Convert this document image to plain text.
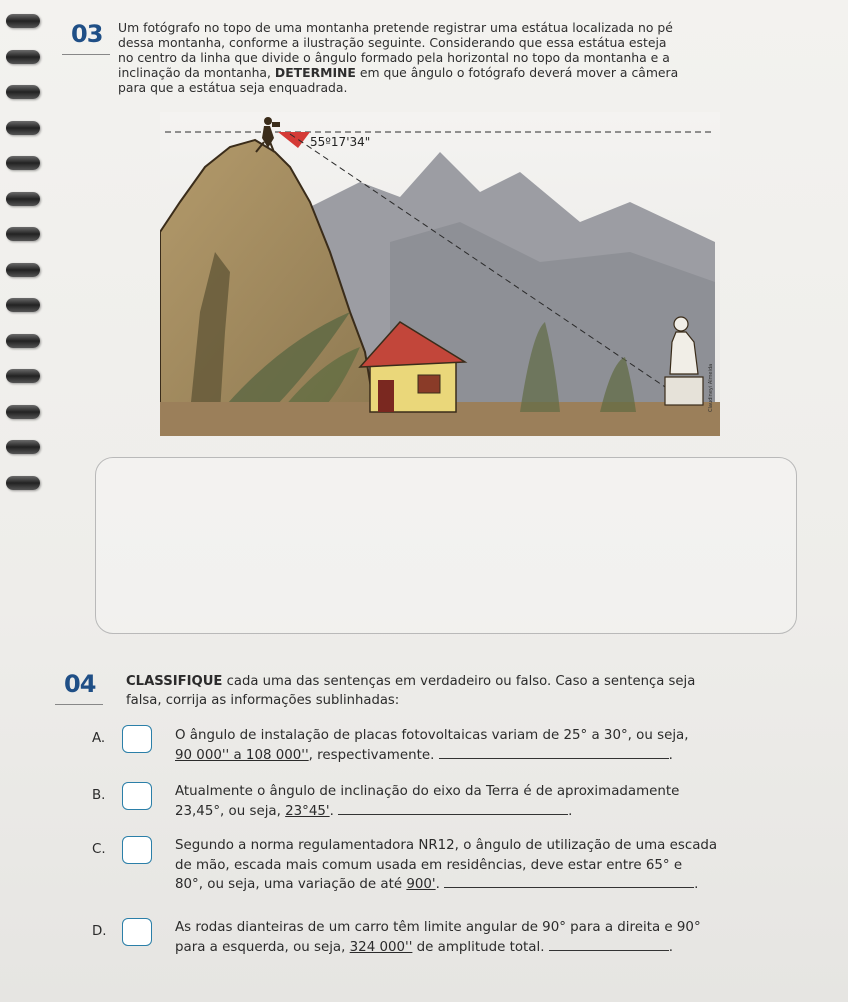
03 Um fotógrafo no topo de uma montanha pretende registrar uma estátua localizada no pé
dessa montanha, conforme a ilustração seguinte. Considerando que essa estátua esteja
no centro da linha que divide o ângulo formado pela horizontal no topo da montanha e a
inclinação da montanha, DETERMINE em que ângulo o fotógrafo deverá mover a câmera
para que a estátua seja enquadrada.
55º17'34"
Claudineyi Almeida
04 CLASSIFIQUE cada uma das sentenças em verdadeiro ou falso. Caso a sentença seja
falsa, corrija as informações sublinhadas:
A.	O ângulo de instalação de placas fotovoltaicas variam de 25° a 30°, ou seja,
90 000'' a 108 000'', respectivamente.	.
B.	Atualmente o ângulo de inclinação do eixo da Terra é de aproximadamente
23,45°, ou seja, 23°45'.	.
C.	Segundo a norma regulamentadora NR12, o ângulo de utilização de uma escada
de mão, escada mais comum usada em residências, deve estar entre 65° e
80°, ou seja, uma variação de até 900'.	.
D.	As rodas dianteiras de um carro têm limite angular de 90° para a direita e 90°
para a esquerda, ou seja, 324 000'' de amplitude total.	.
